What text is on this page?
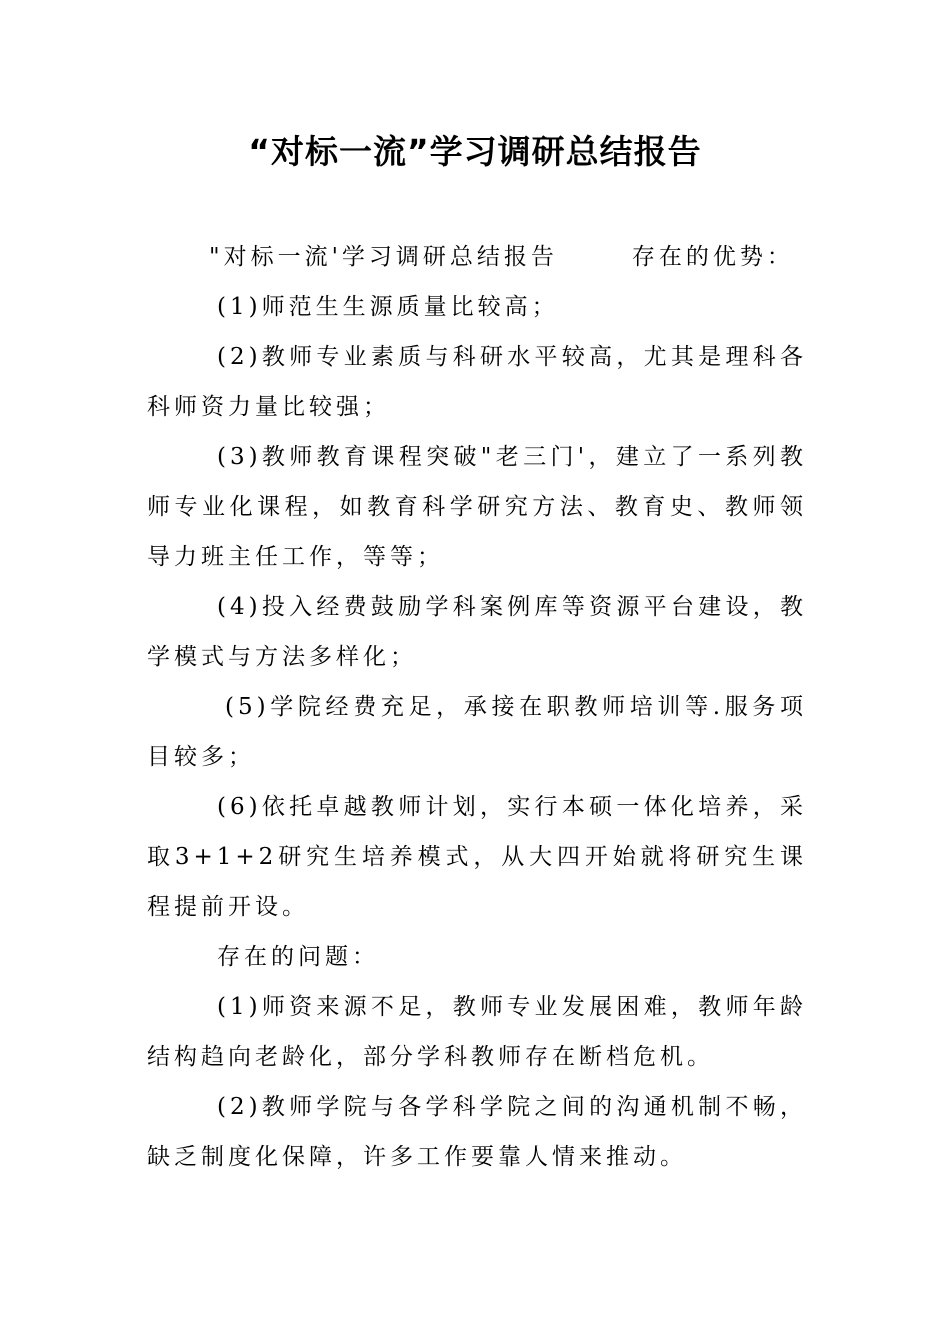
“对标一流”学习调研总结报告

"对标一流'学习调研总结报告	存在的优势：

(1)师范生生源质量比较高；

(2)教师专业素质与科研水平较高，尤其是理科各科师资力量比较强；

(3)教师教育课程突破"老三门'，建立了一系列教师专业化课程，如教育科学研究方法、教育史、教师领导力班主任工作，等等；

(4)投入经费鼓励学科案例库等资源平台建设，教学模式与方法多样化；

(5)学院经费充足，承接在职教师培训等.服务项目较多；

(6)依托卓越教师计划，实行本硕一体化培养，采取3+1+2研究生培养模式，从大四开始就将研究生课程提前开设。

存在的问题：

(1)师资来源不足，教师专业发展困难，教师年龄结构趋向老龄化，部分学科教师存在断档危机。

(2)教师学院与各学科学院之间的沟通机制不畅，缺乏制度化保障，许多工作要靠人情来推动。
